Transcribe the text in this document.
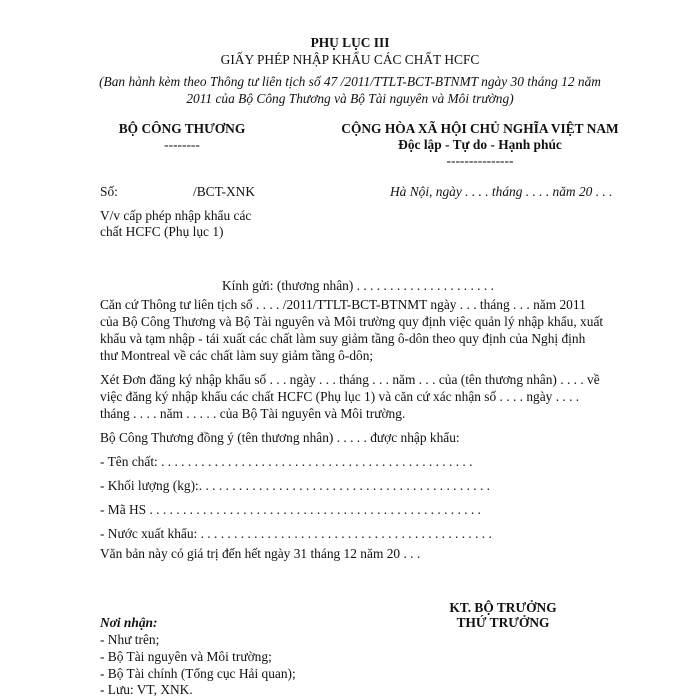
PHỤ LỤC III
GIẤY PHÉP NHẬP KHẨU CÁC CHẤT HCFC
(Ban hành kèm theo Thông tư liên tịch số 47 /2011/TTLT-BCT-BTNMT ngày 30 tháng 12 năm
2011 của Bộ Công Thương và Bộ Tài nguyên và Môi trường)
BỘ CÔNG THƯƠNG
--------
CỘNG HÒA XÃ HỘI CHỦ NGHĨA VIỆT NAM
Độc lập - Tự do - Hạnh phúc
---------------
Số:	/BCT-XNK	Hà Nội, ngày . . . . tháng . . . . năm 20 . . .
V/v cấp phép nhập khẩu các
chất HCFC (Phụ lục 1)
Kính gửi: (thương nhân) . . . . . . . . . . . . . . . . . . . . .
Căn cứ Thông tư liên tịch số . . . . /2011/TTLT-BCT-BTNMT ngày . . . tháng . . . năm 2011
của Bộ Công Thương và Bộ Tài nguyên và Môi trường quy định việc quản lý nhập khẩu, xuất
khẩu và tạm nhập - tái xuất các chất làm suy giảm tầng ô-dôn theo quy định của Nghị định
thư Montreal về các chất làm suy giảm tầng ô-dôn;
Xét Đơn đăng ký nhập khẩu số . . . ngày . . . tháng . . . năm . . . của (tên thương nhân) . . . . về
việc đăng ký nhập khẩu các chất HCFC (Phụ lục 1) và căn cứ xác nhận số . . . . ngày . . . .
tháng . . . . năm . . . . . của Bộ Tài nguyên và Môi trường.
Bộ Công Thương đồng ý (tên thương nhân) . . . . . được nhập khẩu:
- Tên chất: . . . . . . . . . . . . . . . . . . . . . . . . . . . . . . . . . . . . . . . . . . . . . . .
- Khối lượng (kg):. . . . . . . . . . . . . . . . . . . . . . . . . . . . . . . . . . . . . . . . . . . .
- Mã HS . . . . . . . . . . . . . . . . . . . . . . . . . . . . . . . . . . . . . . . . . . . . . . . . . .
- Nước xuất khẩu: . . . . . . . . . . . . . . . . . . . . . . . . . . . . . . . . . . . . . . . . . . . .
Văn bản này có giá trị đến hết ngày 31 tháng 12 năm 20 . . .
KT. BỘ TRƯỞNG
THỨ TRƯỞNG
Nơi nhận:
- Như trên;
- Bộ Tài nguyên và Môi trường;
- Bộ Tài chính (Tổng cục Hải quan);
- Lưu: VT, XNK.
